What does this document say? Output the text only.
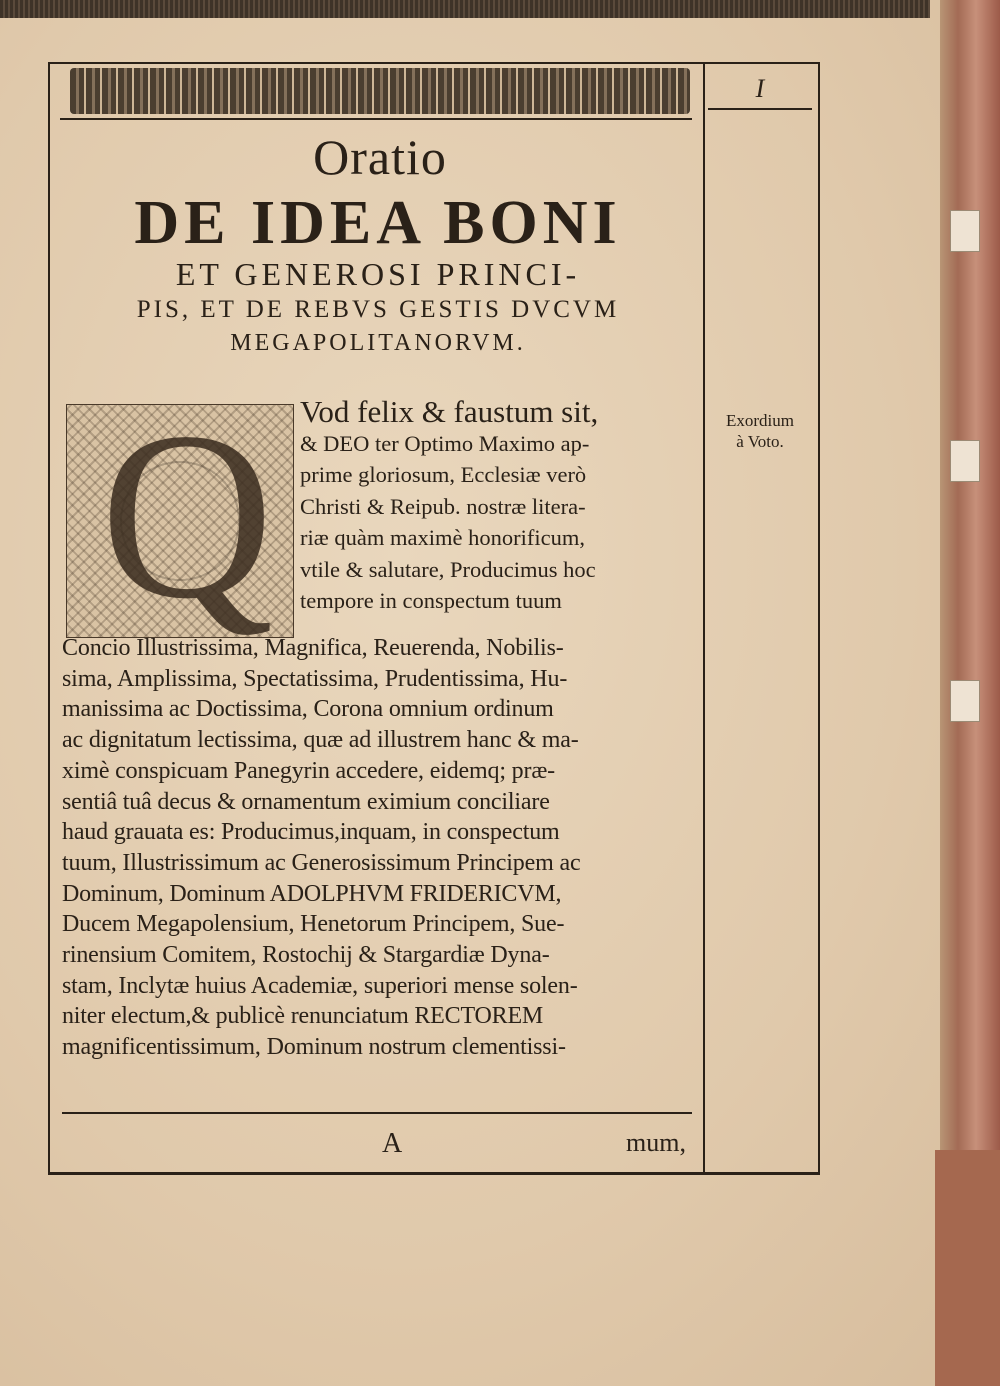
I
Oratio
DE IDEA BONI
ET GENEROSI PRINCI-
PIS, ET DE REBVS GESTIS DVCVM
MEGAPOLITANORVM.
Q Vod felix & faustum sit,
& DEO ter Optimo Maximo ap-
prime gloriosum, Ecclesiæ verò
Christi & Reipub. nostræ litera-
riæ quàm maximè honorificum,
vtile & salutare, Producimus hoc
tempore in conspectum tuum
Concio Illustrissima, Magnifica, Reuerenda, Nobilis-
sima, Amplissima, Spectatissima, Prudentissima, Hu-
manissima ac Doctissima, Corona omnium ordinum
ac dignitatum lectissima, quæ ad illustrem hanc & ma-
ximè conspicuam Panegyrin accedere, eidemq; præ-
sentiâ tuâ decus & ornamentum eximium conciliare
haud grauata es: Producimus,inquam, in conspectum
tuum, Illustrissimum ac Generosissimum Principem ac
Dominum, Dominum ADOLPHVM FRIDERICVM,
Ducem Megapolensium, Henetorum Principem, Sue-
rinensium Comitem, Rostochij & Stargardiæ Dyna-
stam, Inclytæ huius Academiæ, superiori mense solen-
niter electum,& publicè renunciatum RECTOREM
magnificentissimum, Dominum nostrum clementissi-
Exordium
à Voto.
A	mum,
